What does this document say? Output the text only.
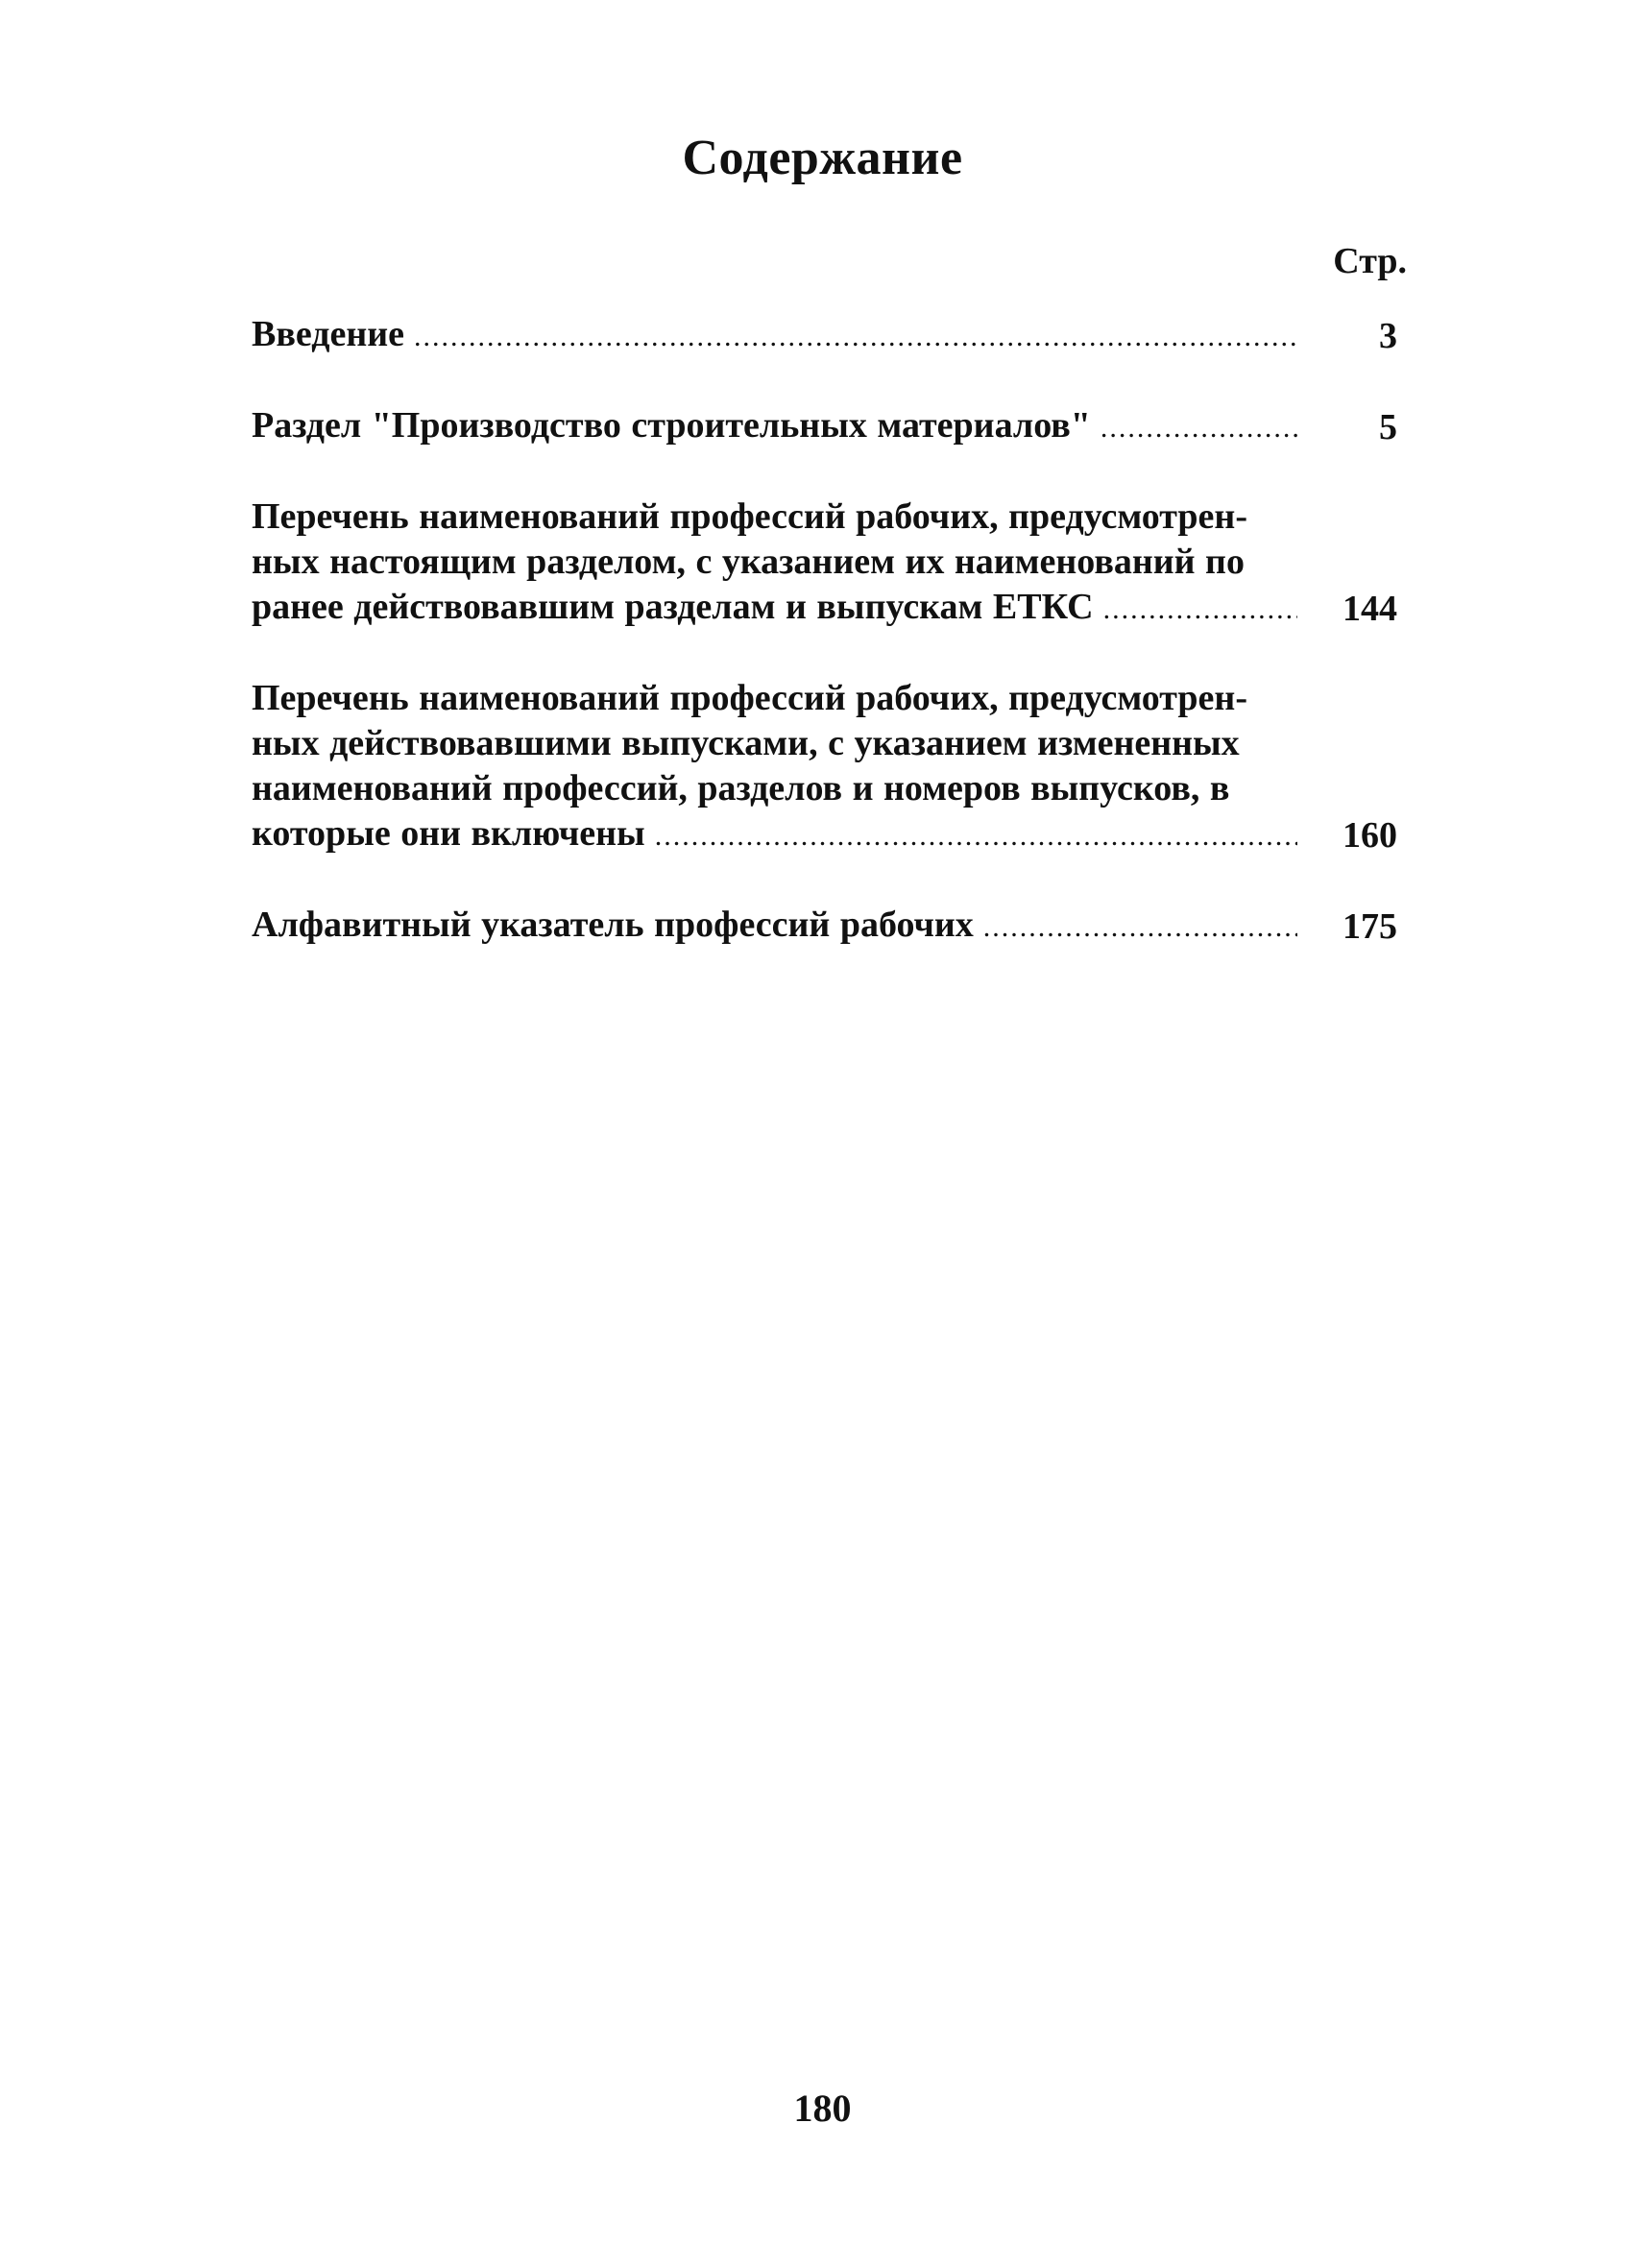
Содержание
Стр.
Введение .....	3
Раздел "Производство строительных материалов" .....	5
Перечень наименований профессий рабочих, предусмотрен-
ных настоящим разделом, с указанием их наименований по
ранее действовавшим разделам и выпускам ЕТКС .....	144
Перечень наименований профессий рабочих, предусмотрен-
ных действовавшими выпусками, с указанием измененных
наименований профессий, разделов и номеров выпусков, в
которые они включены .....	160
Алфавитный указатель профессий рабочих .....	175
180
